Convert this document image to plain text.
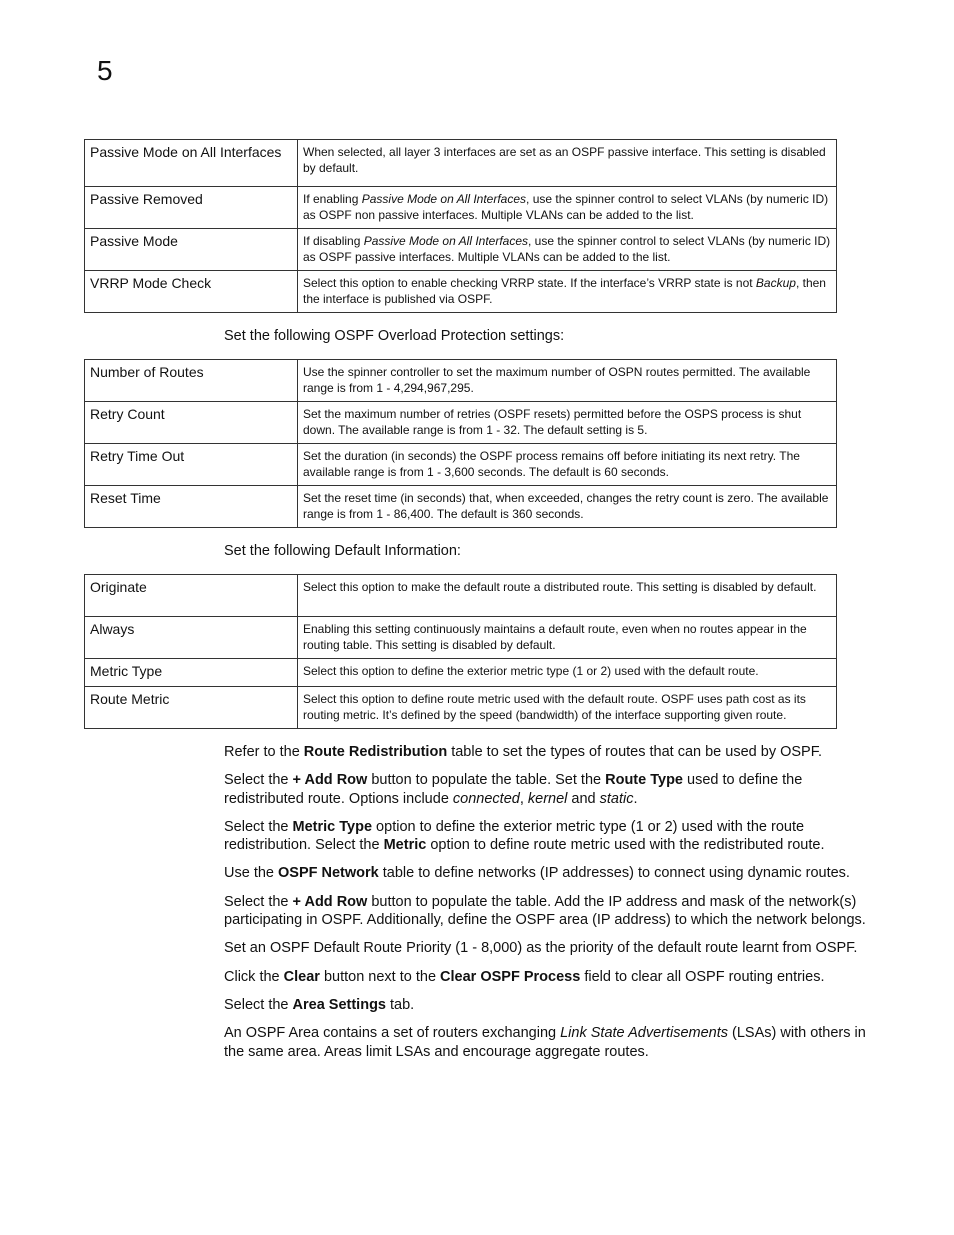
5
Passive Mode on All Interfaces	When selected, all layer 3 interfaces are set as an OSPF passive interface. This setting is disabled by default.
Passive Removed	If enabling Passive Mode on All Interfaces, use the spinner control to select VLANs (by numeric ID) as OSPF non passive interfaces. Multiple VLANs can be added to the list.
Passive Mode	If disabling Passive Mode on All Interfaces, use the spinner control to select VLANs (by numeric ID) as OSPF passive interfaces. Multiple VLANs can be added to the list.
VRRP Mode Check	Select this option to enable checking VRRP state. If the interface’s VRRP state is not Backup, then the interface is published via OSPF.
Set the following OSPF Overload Protection settings:
Number of Routes	Use the spinner controller to set the maximum number of OSPN routes permitted. The available range is from 1 - 4,294,967,295.
Retry Count	Set the maximum number of retries (OSPF resets) permitted before the OSPS process is shut down. The available range is from 1 - 32. The default setting is 5.
Retry Time Out	Set the duration (in seconds) the OSPF process remains off before initiating its next retry. The available range is from 1 - 3,600 seconds. The default is 60 seconds.
Reset Time	Set the reset time (in seconds) that, when exceeded, changes the retry count is zero. The available range is from 1 - 86,400. The default is 360 seconds.
Set the following Default Information:
Originate	Select this option to make the default route a distributed route. This setting is disabled by default.
Always	Enabling this setting continuously maintains a default route, even when no routes appear in the routing table. This setting is disabled by default.
Metric Type	Select this option to define the exterior metric type (1 or 2) used with the default route.
Route Metric	Select this option to define route metric used with the default route. OSPF uses path cost as its routing metric. It’s defined by the speed (bandwidth) of the interface supporting given route.

Refer to the Route Redistribution table to set the types of routes that can be used by OSPF.

Select the + Add Row button to populate the table. Set the Route Type used to define the redistributed route. Options include connected, kernel and static.

Select the Metric Type option to define the exterior metric type (1 or 2) used with the route redistribution. Select the Metric option to define route metric used with the redistributed route.

Use the OSPF Network table to define networks (IP addresses) to connect using dynamic routes.

Select the + Add Row button to populate the table. Add the IP address and mask of the network(s) participating in OSPF. Additionally, define the OSPF area (IP address) to which the network belongs.

Set an OSPF Default Route Priority (1 - 8,000) as the priority of the default route learnt from OSPF.

Click the Clear button next to the Clear OSPF Process field to clear all OSPF routing entries.

Select the Area Settings tab.

An OSPF Area contains a set of routers exchanging Link State Advertisements (LSAs) with others in the same area. Areas limit LSAs and encourage aggregate routes.
